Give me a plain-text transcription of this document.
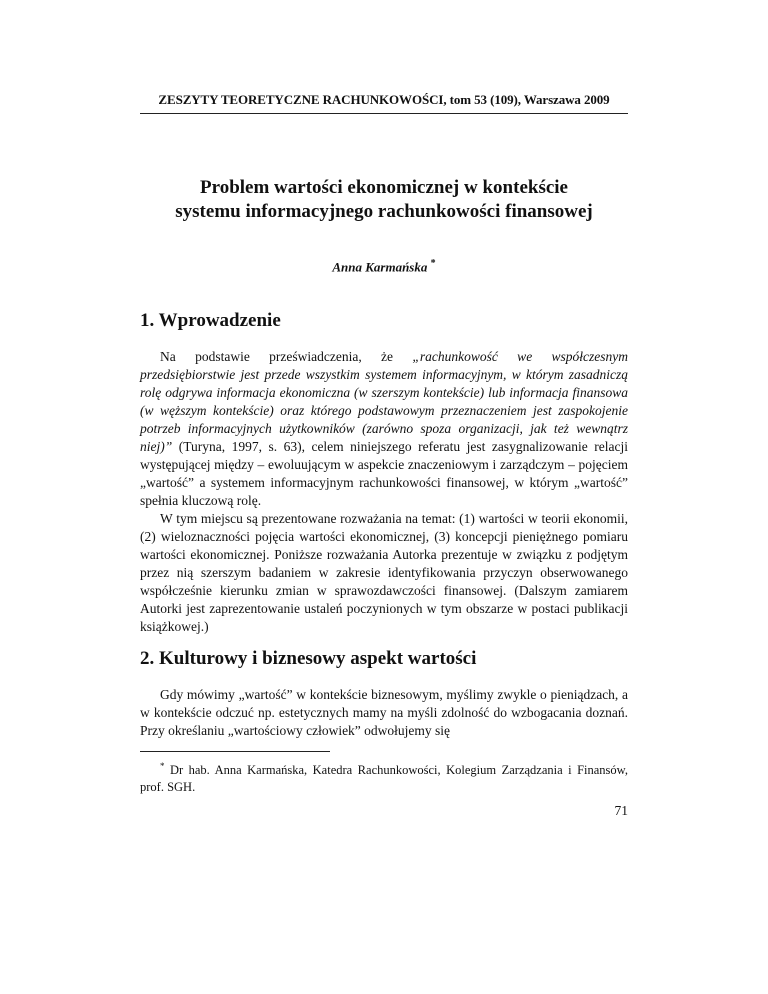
ZESZYTY TEORETYCZNE RACHUNKOWOŚCI, tom 53 (109), Warszawa 2009
Problem wartości ekonomicznej w kontekście
systemu informacyjnego rachunkowości finansowej
Anna Karmańska *
1. Wprowadzenie

Na podstawie przeświadczenia, że „rachunkowość we współczesnym przedsiębiorstwie jest przede wszystkim systemem informacyjnym, w którym zasadniczą rolę odgrywa informacja ekonomiczna (w szerszym kontekście) lub informacja finansowa (w węższym kontekście) oraz którego podstawowym przeznaczeniem jest zaspokojenie potrzeb informacyjnych użytkowników (zarówno spoza organizacji, jak też wewnątrz niej)” (Turyna, 1997, s. 63), celem niniejszego referatu jest zasygnalizowanie relacji występującej między – ewoluującym w aspekcie znaczeniowym i zarządczym – pojęciem „wartość” a systemem informacyjnym rachunkowości finansowej, w którym „wartość” spełnia kluczową rolę.

W tym miejscu są prezentowane rozważania na temat: (1) wartości w teorii ekonomii, (2) wieloznaczności pojęcia wartości ekonomicznej, (3) koncepcji pieniężnego pomiaru wartości ekonomicznej. Poniższe rozważania Autorka prezentuje w związku z podjętym przez nią szerszym badaniem w zakresie identyfikowania przyczyn obserwowanego współcześnie kierunku zmian w sprawozdawczości finansowej. (Dalszym zamiarem Autorki jest zaprezentowanie ustaleń poczynionych w tym obszarze w postaci publikacji książkowej.)

2. Kulturowy i biznesowy aspekt wartości

Gdy mówimy „wartość” w kontekście biznesowym, myślimy zwykle o pieniądzach, a w kontekście odczuć np. estetycznych mamy na myśli zdolność do wzbogacania doznań. Przy określaniu „wartościowy człowiek” odwołujemy się

* Dr hab. Anna Karmańska, Katedra Rachunkowości, Kolegium Zarządzania i Finansów, prof. SGH.

71
